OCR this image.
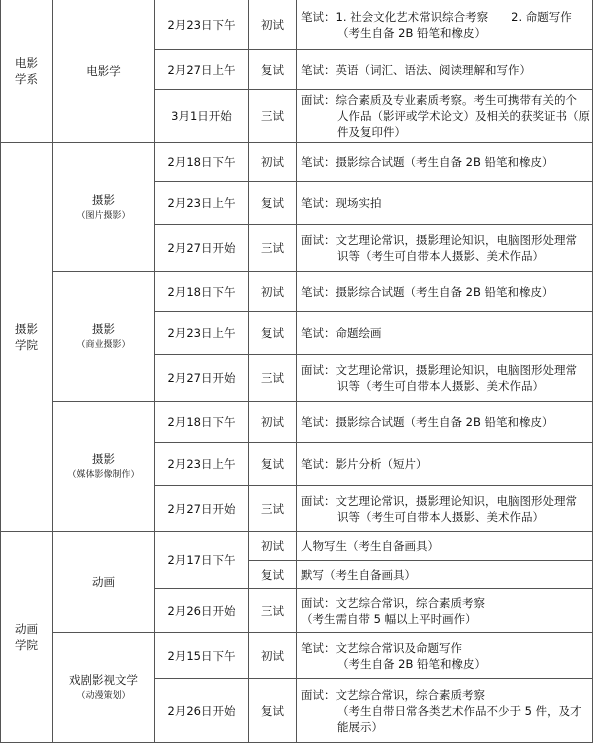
电影
学系	电影学	2月23日下午	初试	笔试：1. 社会文化艺术常识综合考察　　2. 命题写作
（考生自备 2B 铅笔和橡皮）

		2月27日上午	复试	笔试：英语（词汇、语法、阅读理解和写作）

		3月1日开始	三试	面试：综合素质及专业素质考察。考生可携带有关的个
人作品（影评或学术论文）及相关的获奖证书（原
件及复印件）

摄影
学院	摄影
（图片摄影）	2月18日下午	初试	笔试：摄影综合试题（考生自备 2B 铅笔和橡皮）

		2月23日上午	复试	笔试：现场实拍

		2月27日开始	三试	面试：文艺理论常识，摄影理论知识，电脑图形处理常
识等（考生可自带本人摄影、美术作品）

	摄影
（商业摄影）	2月18日下午	初试	笔试：摄影综合试题（考生自备 2B 铅笔和橡皮）

		2月23日上午	复试	笔试：命题绘画

		2月27日开始	三试	面试：文艺理论常识，摄影理论知识，电脑图形处理常
识等（考生可自带本人摄影、美术作品）

	摄影
（媒体影像制作）	2月18日下午	初试	笔试：摄影综合试题（考生自备 2B 铅笔和橡皮）

		2月23日上午	复试	笔试：影片分析（短片）

		2月27日开始	三试	面试：文艺理论常识，摄影理论知识，电脑图形处理常
识等（考生可自带本人摄影、美术作品）

动画
学院	动画	2月17日下午	初试	人物写生（考生自备画具）

			复试	默写（考生自备画具）

		2月26日开始	三试	面试：文艺综合常识，综合素质考察
（考生需自带 5 幅以上平时画作）

	戏剧影视文学
（动漫策划）	2月15日下午	初试	笔试：文艺综合常识及命题写作
（考生自备 2B 铅笔和橡皮）

		2月26日开始	复试	面试：文艺综合常识，综合素质考察
（考生自带日常各类艺术作品不少于 5 件，及才
能展示）
